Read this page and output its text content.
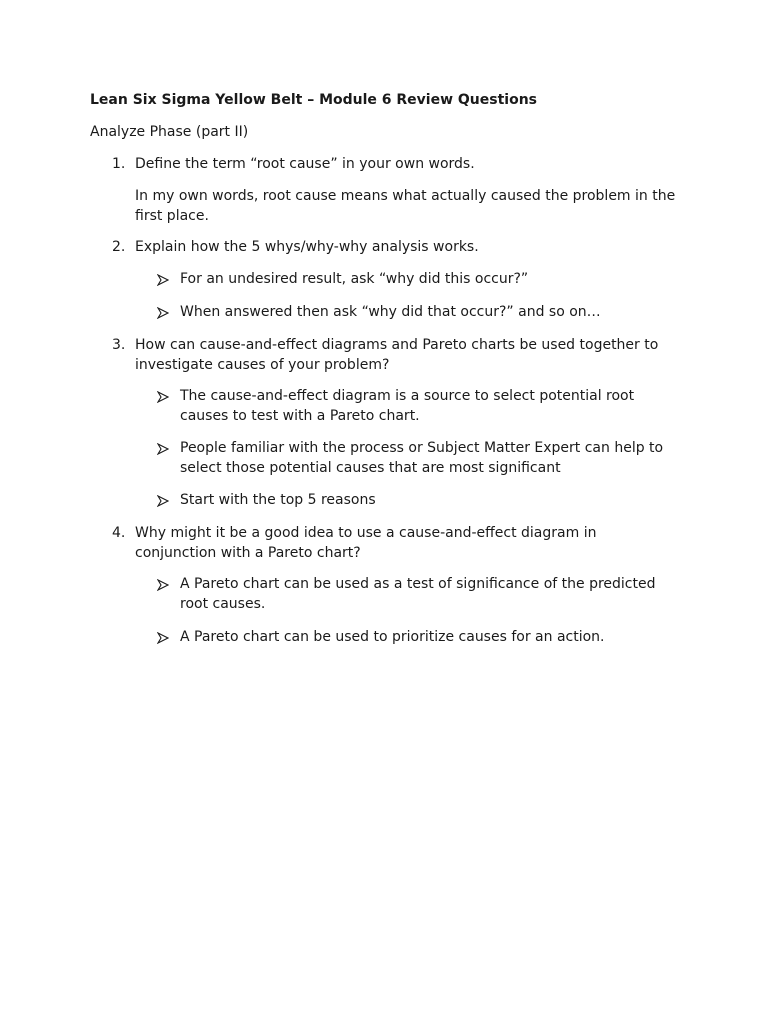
Lean Six Sigma Yellow Belt – Module 6 Review Questions

Analyze Phase (part II)

1. Define the term “root cause” in your own words.

In my own words, root cause means what actually caused the problem in the first place.

2. Explain how the 5 whys/why-why analysis works.

For an undesired result, ask “why did this occur?”

When answered then ask “why did that occur?” and so on…

3. How can cause-and-effect diagrams and Pareto charts be used together to investigate causes of your problem?

The cause-and-effect diagram is a source to select potential root causes to test with a Pareto chart.

People familiar with the process or Subject Matter Expert can help to select those potential causes that are most significant

Start with the top 5 reasons

4. Why might it be a good idea to use a cause-and-effect diagram in conjunction with a Pareto chart?

A Pareto chart can be used as a test of significance of the predicted root causes.

A Pareto chart can be used to prioritize causes for an action.
